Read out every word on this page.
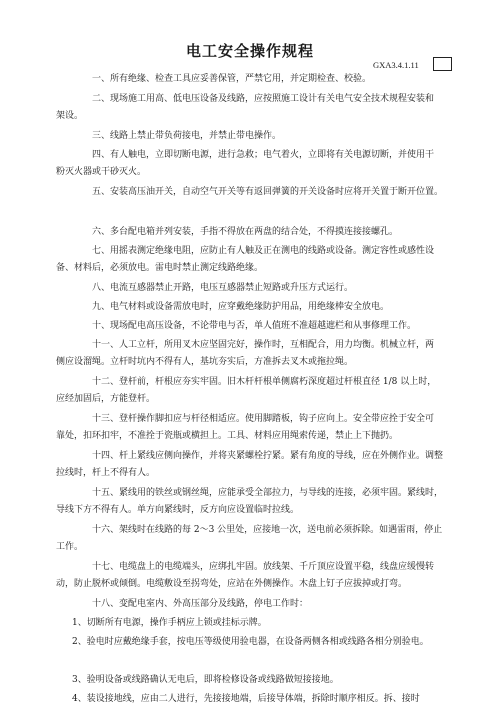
电工安全操作规程
GXA3.4.1.11
一、所有绝缘、检查工具应妥善保管，严禁它用，并定期检查、校验。
二、现场施工用高、低电压设备及线路，应按照施工设计有关电气安全技术规程安装和
架设。
三、线路上禁止带负荷接电，并禁止带电操作。
四、有人触电，立即切断电源，进行急救；电气着火，立即将有关电源切断，并使用干
粉灭火器或干砂灭火。
五、安装高压油开关，自动空气开关等有返回弹簧的开关设备时应将开关置于断开位置。
六、多台配电箱并列安装，手指不得放在两盘的结合处，不得摸连接接螺孔。
七、用摇表测定绝缘电阻，应防止有人触及正在测电的线路或设备。测定容性或感性设
备、材料后，必须放电。雷电时禁止测定线路绝缘。
八、电流互感器禁止开路，电压互感器禁止短路或升压方式运行。
九、电气材料或设备需放电时，应穿戴绝缘防护用品，用绝缘棒安全放电。
十、现场配电高压设备，不论带电与否，单人值班不准超越遮栏和从事修理工作。
十一、人工立杆，所用叉木应坚固完好，操作时，互相配合，用力均衡。机械立杆，两
侧应设溜绳。立杆时坑内不得有人，基坑夯实后，方准拆去叉木或拖拉绳。
十二、登杆前，杆根应夯实牢固。旧木杆杆根单侧腐朽深度超过杆根直径 1/8 以上时，
应经加固后，方能登杆。
十三、登杆操作脚扣应与杆径相适应。使用脚踏板，钩子应向上。安全带应拴于安全可
靠处，扣环扣牢，不准拴于瓷瓶或横担上。工具、材料应用绳索传递，禁止上下抛扔。
十四、杆上紧线应侧向操作，并将夹紧螺栓拧紧。紧有角度的导线，应在外侧作业。调整
拉线时，杆上不得有人。
十五、紧线用的铁丝或钢丝绳，应能承受全部拉力，与导线的连接，必须牢固。紧线时，
导线下方不得有人。单方向紧线时，反方向应设置临时拉线。
十六、架线时在线路的每 2～3 公里处，应接地一次，送电前必须拆除。如遇雷雨，停止
工作。
十七、电缆盘上的电缆端头，应绑扎牢固。放线架、千斤顶应设置平稳，线盘应缓慢转
动，防止脱杯或倾倒。电缆敷设至拐弯处，应站在外侧操作。木盘上钉子应拔掉或打弯。
十八、变配电室内、外高压部分及线路，停电工作时：
1、切断所有电源，操作手柄应上锁或挂标示牌。
2、验电时应戴绝缘手套，按电压等级使用验电器，在设备两侧各相或线路各相分别验电。
3、验明设备或线路确认无电后，即将检修设备或线路做短接接地。
4、装设接地线，应由二人进行，先接接地端，后接导体端，拆除时顺序相反。拆、接时
